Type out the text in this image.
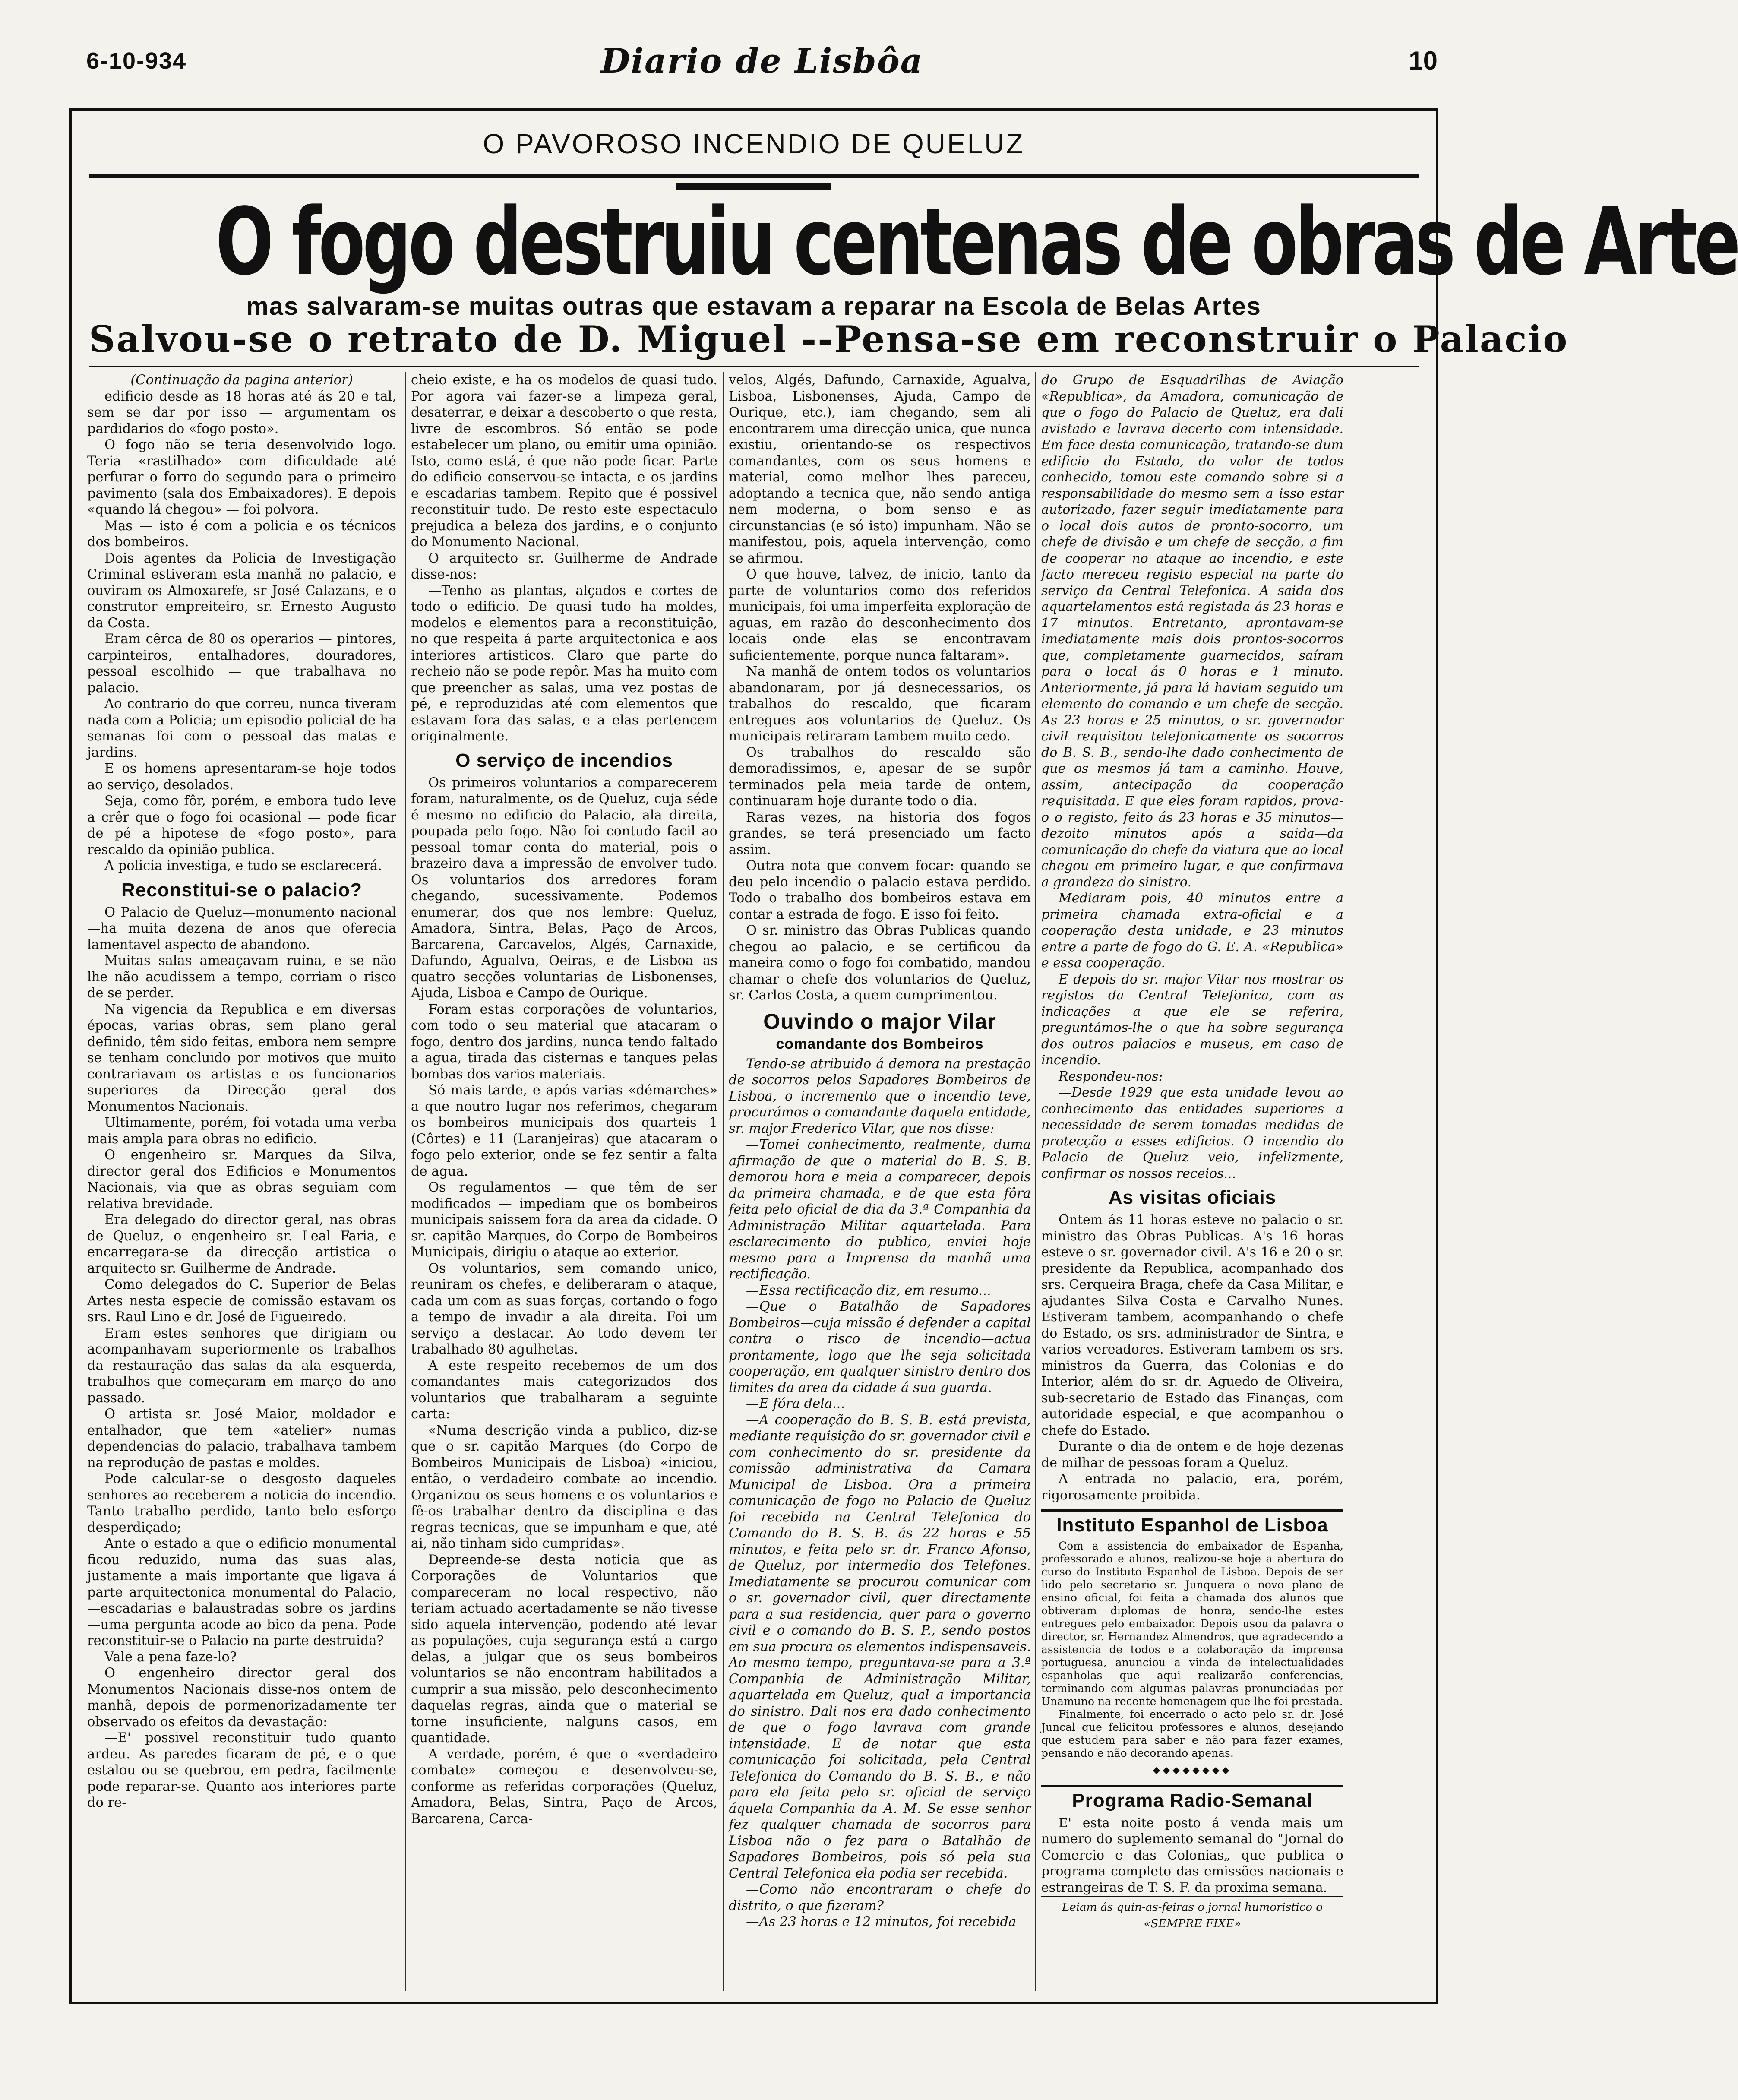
6-10-934	Diario de Lisbôa	10
O PAVOROSO INCENDIO DE QUELUZ
O fogo destruiu centenas de obras de Arte
mas salvaram-se muitas outras que estavam a reparar na Escola de Belas Artes
Salvou-se o retrato de D. Miguel --Pensa-se em reconstruir o Palacio

(Continuação da pagina anterior)

edificio desde as 18 horas até ás 20 e tal, sem se dar por isso — argumentam os pardidarios do «fogo posto».

O fogo não se teria desenvolvido logo. Teria «rastilhado» com dificuldade até perfurar o forro do segundo para o primeiro pavimento (sala dos Embaixadores). E depois «quando lá chegou» — foi polvora.

Mas — isto é com a policia e os técnicos dos bombeiros.

Dois agentes da Policia de Investigação Criminal estiveram esta manhã no palacio, e ouviram os Almoxarefe, sr José Calazans, e o construtor empreiteiro, sr. Ernesto Augusto da Costa.

Eram cêrca de 80 os operarios — pintores, carpinteiros, entalhadores, douradores, pessoal escolhido — que trabalhava no palacio.

Ao contrario do que correu, nunca tiveram nada com a Policia; um episodio policial de ha semanas foi com o pessoal das matas e jardins.

E os homens apresentaram-se hoje todos ao serviço, desolados.

Seja, como fôr, porém, e embora tudo leve a crêr que o fogo foi ocasional — pode ficar de pé a hipotese de «fogo posto», para rescaldo da opinião publica.

A policia investiga, e tudo se esclarecerá.

Reconstitui-se o palacio?

O Palacio de Queluz—monumento nacional—ha muita dezena de anos que oferecia lamentavel aspecto de abandono.

Muitas salas ameaçavam ruina, e se não lhe não acudissem a tempo, corriam o risco de se perder.

Na vigencia da Republica e em diversas épocas, varias obras, sem plano geral definido, têm sido feitas, embora nem sempre se tenham concluido por motivos que muito contrariavam os artistas e os funcionarios superiores da Direcção geral dos Monumentos Nacionais.

Ultimamente, porém, foi votada uma verba mais ampla para obras no edificio.

O engenheiro sr. Marques da Silva, director geral dos Edificios e Monumentos Nacionais, via que as obras seguiam com relativa brevidade.

Era delegado do director geral, nas obras de Queluz, o engenheiro sr. Leal Faria, e encarregara-se da direcção artistica o arquitecto sr. Guilherme de Andrade.

Como delegados do C. Superior de Belas Artes nesta especie de comissão estavam os srs. Raul Lino e dr. José de Figueiredo.

Eram estes senhores que dirigiam ou acompanhavam superiormente os trabalhos da restauração das salas da ala esquerda, trabalhos que começaram em março do ano passado.

O artista sr. José Maior, moldador e entalhador, que tem «atelier» numas dependencias do palacio, trabalhava tambem na reprodução de pastas e moldes.

Pode calcular-se o desgosto daqueles senhores ao receberem a noticia do incendio. Tanto trabalho perdido, tanto belo esforço desperdiçado;

Ante o estado a que o edificio monumental ficou reduzido, numa das suas alas, justamente a mais importante que ligava á parte arquitectonica monumental do Palacio,—escadarias e balaustradas sobre os jardins—uma pergunta acode ao bico da pena. Pode reconstituir-se o Palacio na parte destruida?

Vale a pena faze-lo?

O engenheiro director geral dos Monumentos Nacionais disse-nos ontem de manhã, depois de pormenorizadamente ter observado os efeitos da devastação:

—E' possivel reconstituir tudo quanto ardeu. As paredes ficaram de pé, e o que estalou ou se quebrou, em pedra, facilmente pode reparar-se. Quanto aos interiores parte do re-

cheio existe, e ha os modelos de quasi tudo. Por agora vai fazer-se a limpeza geral, desaterrar, e deixar a descoberto o que resta, livre de escombros. Só então se pode estabelecer um plano, ou emitir uma opinião. Isto, como está, é que não pode ficar. Parte do edificio conservou-se intacta, e os jardins e escadarias tambem. Repito que é possivel reconstituir tudo. De resto este espectaculo prejudica a beleza dos jardins, e o conjunto do Monumento Nacional.

O arquitecto sr. Guilherme de Andrade disse-nos:

—Tenho as plantas, alçados e cortes de todo o edificio. De quasi tudo ha moldes, modelos e elementos para a reconstituição, no que respeita á parte arquitectonica e aos interiores artisticos. Claro que parte do recheio não se pode repôr. Mas ha muito com que preencher as salas, uma vez postas de pé, e reproduzidas até com elementos que estavam fora das salas, e a elas pertencem originalmente.

O serviço de incendios

Os primeiros voluntarios a comparecerem foram, naturalmente, os de Queluz, cuja séde é mesmo no edificio do Palacio, ala direita, poupada pelo fogo. Não foi contudo facil ao pessoal tomar conta do material, pois o brazeiro dava a impressão de envolver tudo. Os voluntarios dos arredores foram chegando, sucessivamente. Podemos enumerar, dos que nos lembre: Queluz, Amadora, Sintra, Belas, Paço de Arcos, Barcarena, Carcavelos, Algés, Carnaxide, Dafundo, Agualva, Oeiras, e de Lisboa as quatro secções voluntarias de Lisbonenses, Ajuda, Lisboa e Campo de Ourique.

Foram estas corporações de voluntarios, com todo o seu material que atacaram o fogo, dentro dos jardins, nunca tendo faltado a agua, tirada das cisternas e tanques pelas bombas dos varios materiais.

Só mais tarde, e após varias «démarches» a que noutro lugar nos referimos, chegaram os bombeiros municipais dos quarteis 1 (Côrtes) e 11 (Laranjeiras) que atacaram o fogo pelo exterior, onde se fez sentir a falta de agua.

Os regulamentos — que têm de ser modificados — impediam que os bombeiros municipais saissem fora da area da cidade. O sr. capitão Marques, do Corpo de Bombeiros Municipais, dirigiu o ataque ao exterior.

Os voluntarios, sem comando unico, reuniram os chefes, e deliberaram o ataque, cada um com as suas forças, cortando o fogo a tempo de invadir a ala direita. Foi um serviço a destacar. Ao todo devem ter trabalhado 80 agulhetas.

A este respeito recebemos de um dos comandantes mais categorizados dos voluntarios que trabalharam a seguinte carta:

«Numa descrição vinda a publico, diz-se que o sr. capitão Marques (do Corpo de Bombeiros Municipais de Lisboa) «iniciou, então, o verdadeiro combate ao incendio. Organizou os seus homens e os voluntarios e fê-os trabalhar dentro da disciplina e das regras tecnicas, que se impunham e que, até ai, não tinham sido cumpridas».

Depreende-se desta noticia que as Corporações de Voluntarios que compareceram no local respectivo, não teriam actuado acertadamente se não tivesse sido aquela intervenção, podendo até levar as populações, cuja segurança está a cargo delas, a julgar que os seus bombeiros voluntarios se não encontram habilitados a cumprir a sua missão, pelo desconhecimento daquelas regras, ainda que o material se torne insuficiente, nalguns casos, em quantidade.

A verdade, porém, é que o «verdadeiro combate» começou e desenvolveu-se, conforme as referidas corporações (Queluz, Amadora, Belas, Sintra, Paço de Arcos, Barcarena, Carca-

velos, Algés, Dafundo, Carnaxide, Agualva, Lisboa, Lisbonenses, Ajuda, Campo de Ourique, etc.), iam chegando, sem ali encontrarem uma direcção unica, que nunca existiu, orientando-se os respectivos comandantes, com os seus homens e material, como melhor lhes pareceu, adoptando a tecnica que, não sendo antiga nem moderna, o bom senso e as circunstancias (e só isto) impunham. Não se manifestou, pois, aquela intervenção, como se afirmou.

O que houve, talvez, de inicio, tanto da parte de voluntarios como dos referidos municipais, foi uma imperfeita exploração de aguas, em razão do desconhecimento dos locais onde elas se encontravam suficientemente, porque nunca faltaram».

Na manhã de ontem todos os voluntarios abandonaram, por já desnecessarios, os trabalhos do rescaldo, que ficaram entregues aos voluntarios de Queluz. Os municipais retiraram tambem muito cedo.

Os trabalhos do rescaldo são demoradissimos, e, apesar de se supôr terminados pela meia tarde de ontem, continuaram hoje durante todo o dia.

Raras vezes, na historia dos fogos grandes, se terá presenciado um facto assim.

Outra nota que convem focar: quando se deu pelo incendio o palacio estava perdido. Todo o trabalho dos bombeiros estava em contar a estrada de fogo. E isso foi feito.

O sr. ministro das Obras Publicas quando chegou ao palacio, e se certificou da maneira como o fogo foi combatido, mandou chamar o chefe dos voluntarios de Queluz, sr. Carlos Costa, a quem cumprimentou.

Ouvindo o major Vilar
comandante dos Bombeiros

Tendo-se atribuido á demora na prestação de socorros pelos Sapadores Bombeiros de Lisboa, o incremento que o incendio teve, procurámos o comandante daquela entidade, sr. major Frederico Vilar, que nos disse:

—Tomei conhecimento, realmente, duma afirmação de que o material do B. S. B. demorou hora e meia a comparecer, depois da primeira chamada, e de que esta fôra feita pelo oficial de dia da 3.ª Companhia da Administração Militar aquartelada. Para esclarecimento do publico, enviei hoje mesmo para a Imprensa da manhã uma rectificação.

—Essa rectificação diz, em resumo...

—Que o Batalhão de Sapadores Bombeiros—cuja missão é defender a capital contra o risco de incendio—actua prontamente, logo que lhe seja solicitada cooperação, em qualquer sinistro dentro dos limites da area da cidade á sua guarda.

—E fóra dela...

—A cooperação do B. S. B. está prevista, mediante requisição do sr. governador civil e com conhecimento do sr. presidente da comissão administrativa da Camara Municipal de Lisboa. Ora a primeira comunicação de fogo no Palacio de Queluz foi recebida na Central Telefonica do Comando do B. S. B. ás 22 horas e 55 minutos, e feita pelo sr. dr. Franco Afonso, de Queluz, por intermedio dos Telefones. Imediatamente se procurou comunicar com o sr. governador civil, quer directamente para a sua residencia, quer para o governo civil e o comando do B. S. P., sendo postos em sua procura os elementos indispensaveis. Ao mesmo tempo, preguntava-se para a 3.ª Companhia de Administração Militar, aquartelada em Queluz, qual a importancia do sinistro. Dali nos era dado conhecimento de que o fogo lavrava com grande intensidade. E de notar que esta comunicação foi solicitada, pela Central Telefonica do Comando do B. S. B., e não para ela feita pelo sr. oficial de serviço áquela Companhia da A. M. Se esse senhor fez qualquer chamada de socorros para Lisboa não o fez para o Batalhão de Sapadores Bombeiros, pois só pela sua Central Telefonica ela podia ser recebida.

—Como não encontraram o chefe do distrito, o que fizeram?

—As 23 horas e 12 minutos, foi recebida

do Grupo de Esquadrilhas de Aviação «Republica», da Amadora, comunicação de que o fogo do Palacio de Queluz, era dali avistado e lavrava decerto com intensidade. Em face desta comunicação, tratando-se dum edificio do Estado, do valor de todos conhecido, tomou este comando sobre si a responsabilidade do mesmo sem a isso estar autorizado, fazer seguir imediatamente para o local dois autos de pronto-socorro, um chefe de divisão e um chefe de secção, a fim de cooperar no ataque ao incendio, e este facto mereceu registo especial na parte do serviço da Central Telefonica. A saida dos aquartelamentos está registada ás 23 horas e 17 minutos. Entretanto, aprontavam-se imediatamente mais dois prontos-socorros que, completamente guarnecidos, saíram para o local ás 0 horas e 1 minuto. Anteriormente, já para lá haviam seguido um elemento do comando e um chefe de secção. As 23 horas e 25 minutos, o sr. governador civil requisitou telefonicamente os socorros do B. S. B., sendo-lhe dado conhecimento de que os mesmos já tam a caminho. Houve, assim, antecipação da cooperação requisitada. E que eles foram rapidos, prova-o o registo, feito ás 23 horas e 35 minutos—dezoito minutos após a saida—da comunicação do chefe da viatura que ao local chegou em primeiro lugar, e que confirmava a grandeza do sinistro.

Mediaram pois, 40 minutos entre a primeira chamada extra-oficial e a cooperação desta unidade, e 23 minutos entre a parte de fogo do G. E. A. «Republica» e essa cooperação.

E depois do sr. major Vilar nos mostrar os registos da Central Telefonica, com as indicações a que ele se referira, preguntámos-lhe o que ha sobre segurança dos outros palacios e museus, em caso de incendio.

Respondeu-nos:

—Desde 1929 que esta unidade levou ao conhecimento das entidades superiores a necessidade de serem tomadas medidas de protecção a esses edificios. O incendio do Palacio de Queluz veio, infelizmente, confirmar os nossos receios...

As visitas oficiais

Ontem ás 11 horas esteve no palacio o sr. ministro das Obras Publicas. A's 16 horas esteve o sr. governador civil. A's 16 e 20 o sr. presidente da Republica, acompanhado dos srs. Cerqueira Braga, chefe da Casa Militar, e ajudantes Silva Costa e Carvalho Nunes. Estiveram tambem, acompanhando o chefe do Estado, os srs. administrador de Sintra, e varios vereadores. Estiveram tambem os srs. ministros da Guerra, das Colonias e do Interior, além do sr. dr. Aguedo de Oliveira, sub-secretario de Estado das Finanças, com autoridade especial, e que acompanhou o chefe do Estado.

Durante o dia de ontem e de hoje dezenas de milhar de pessoas foram a Queluz.

A entrada no palacio, era, porém, rigorosamente proibida.

Instituto Espanhol de Lisboa

Com a assistencia do embaixador de Espanha, professorado e alunos, realizou-se hoje a abertura do curso do Instituto Espanhol de Lisboa. Depois de ser lido pelo secretario sr. Junquera o novo plano de ensino oficial, foi feita a chamada dos alunos que obtiveram diplomas de honra, sendo-lhe estes entregues pelo embaixador. Depois usou da palavra o director, sr. Hernandez Almendros, que agradecendo a assistencia de todos e a colaboração da imprensa portuguesa, anunciou a vinda de intelectualidades espanholas que aqui realizarão conferencias, terminando com algumas palavras pronunciadas por Unamuno na recente homenagem que lhe foi prestada.

Finalmente, foi encerrado o acto pelo sr. dr. José Juncal que felicitou professores e alunos, desejando que estudem para saber e não para fazer exames, pensando e não decorando apenas.

◆◆◆◆◆◆◆◆
Programa Radio-Semanal

E' esta noite posto á venda mais um numero do suplemento semanal do "Jornal do Comercio e das Colonias„ que publica o programa completo das emissões nacionais e estrangeiras de T. S. F. da proxima semana.

Leiam ás quin-as-feiras o jornal humoristico o «SEMPRE FIXE»
